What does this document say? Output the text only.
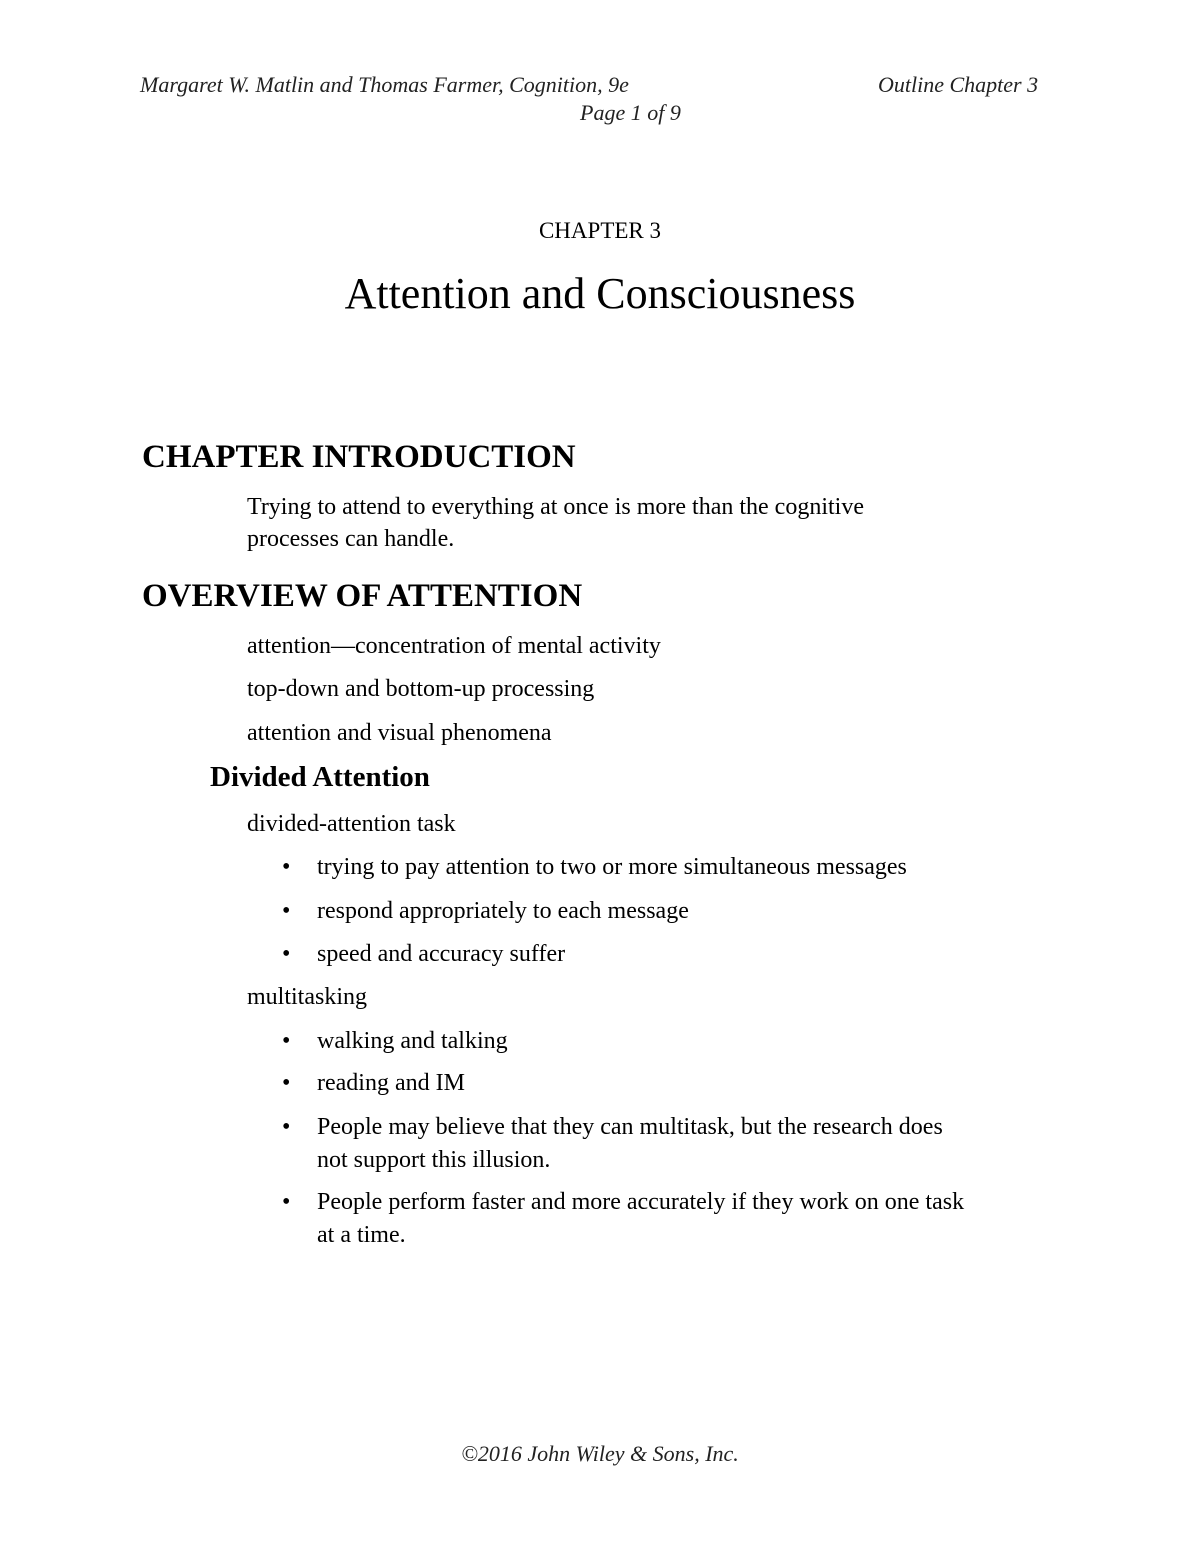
Margaret W. Matlin and Thomas Farmer, Cognition, 9e	Outline Chapter 3
Page 1 of 9
CHAPTER 3
Attention and Consciousness
CHAPTER INTRODUCTION
Trying to attend to everything at once is more than the cognitive
processes can handle.
OVERVIEW OF ATTENTION
attention—concentration of mental activity
top-down and bottom-up processing
attention and visual phenomena
Divided Attention
divided-attention task
• trying to pay attention to two or more simultaneous messages
• respond appropriately to each message
• speed and accuracy suffer
multitasking
• walking and talking
• reading and IM
• People may believe that they can multitask, but the research does
not support this illusion.
• People perform faster and more accurately if they work on one task
at a time.
©2016 John Wiley & Sons, Inc.
